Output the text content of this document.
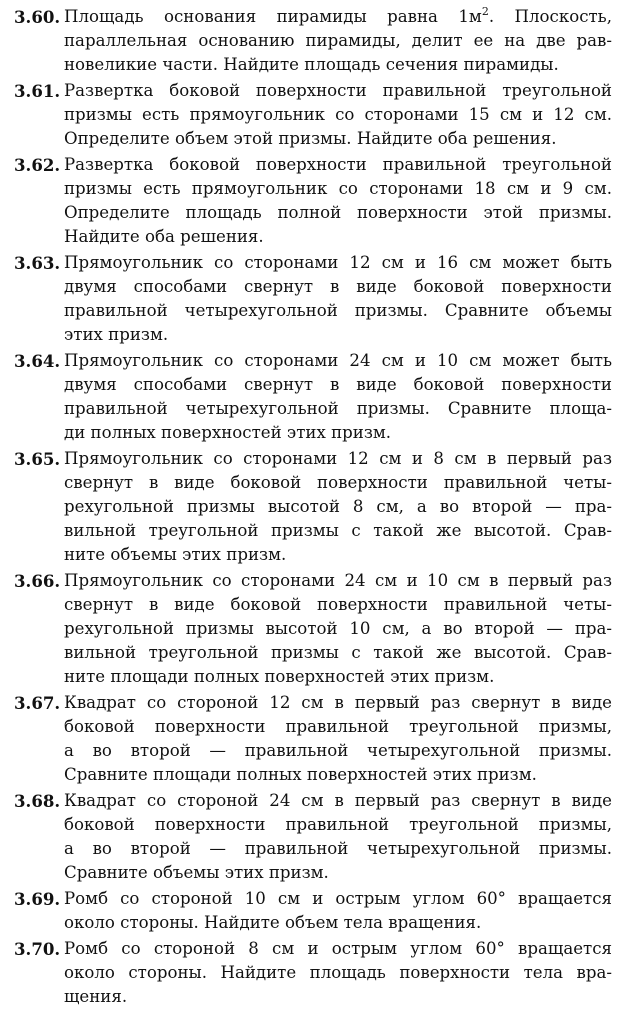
3.60. Площадь основания пирамиды равна $1м^2$. Плоскость,
параллельная основанию пирамиды, делит ее на две рав-
новеликие части. Найдите площадь сечения пирамиды.
3.61. Развертка боковой поверхности правильной треугольной
призмы есть прямоугольник со сторонами 15 см и 12 см.
Определите объем этой призмы. Найдите оба решения.
3.62. Развертка боковой поверхности правильной треугольной
призмы есть прямоугольник со сторонами 18 см и 9 см.
Определите площадь полной поверхности этой призмы.
Найдите оба решения.
3.63. Прямоугольник со сторонами 12 см и 16 см может быть
двумя способами свернут в виде боковой поверхности
правильной четырехугольной призмы. Сравните объемы
этих призм.
3.64. Прямоугольник со сторонами 24 см и 10 см может быть
двумя способами свернут в виде боковой поверхности
правильной четырехугольной призмы. Сравните площа-
ди полных поверхностей этих призм.
3.65. Прямоугольник со сторонами 12 см и 8 см в первый раз
свернут в виде боковой поверхности правильной четы-
рехугольной призмы высотой 8 см, а во второй — пра-
вильной треугольной призмы с такой же высотой. Срав-
ните объемы этих призм.
3.66. Прямоугольник со сторонами 24 см и 10 см в первый раз
свернут в виде боковой поверхности правильной четы-
рехугольной призмы высотой 10 см, а во второй — пра-
вильной треугольной призмы с такой же высотой. Срав-
ните площади полных поверхностей этих призм.
3.67. Квадрат со стороной 12 см в первый раз свернут в виде
боковой поверхности правильной треугольной призмы,
а во второй — правильной четырехугольной призмы.
Сравните площади полных поверхностей этих призм.
3.68. Квадрат со стороной 24 см в первый раз свернут в виде
боковой поверхности правильной треугольной призмы,
а во второй — правильной четырехугольной призмы.
Сравните объемы этих призм.
3.69. Ромб со стороной 10 см и острым углом 60° вращается
около стороны. Найдите объем тела вращения.
3.70. Ромб со стороной 8 см и острым углом 60° вращается
около стороны. Найдите площадь поверхности тела вра-
щения.
